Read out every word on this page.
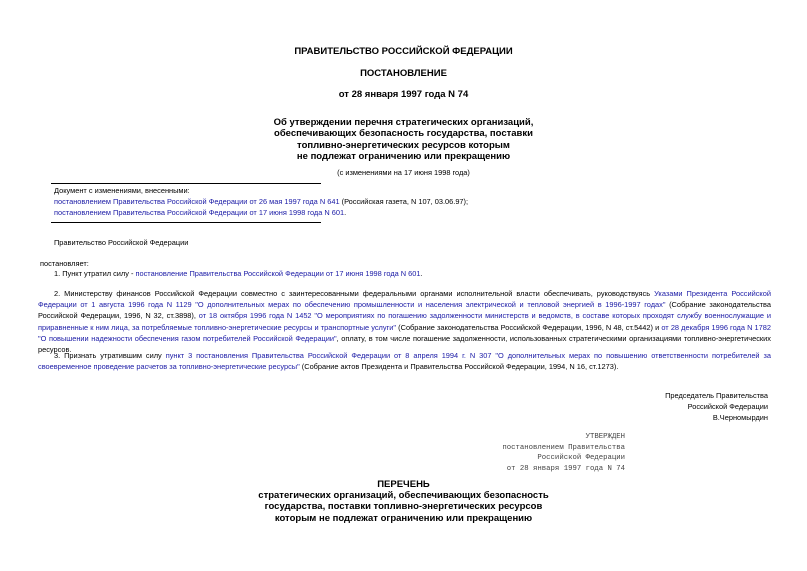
ПРАВИТЕЛЬСТВО РОССИЙСКОЙ ФЕДЕРАЦИИ
ПОСТАНОВЛЕНИЕ
от 28 января 1997 года N 74
Об утверждении перечня стратегических организаций,
обеспечивающих безопасность государства, поставки
топливно-энергетических ресурсов которым
не подлежат ограничению или прекращению
(с изменениями на 17 июня 1998 года)
Документ с изменениями, внесенными:
постановлением Правительства Российской Федерации от 26 мая 1997 года N 641 (Российская газета, N 107, 03.06.97);
постановлением Правительства Российской Федерации от 17 июня 1998 года N 601.
Правительство Российской Федерации
постановляет:
1. Пункт утратил силу - постановление Правительства Российской Федерации от 17 июня 1998 года N 601.
2. Министерству финансов Российской Федерации совместно с заинтересованными федеральными органами исполнительной власти обеспечивать, руководствуясь Указами Президента Российской Федерации от 1 августа 1996 года N 1129 "О дополнительных мерах по обеспечению промышленности и населения электрической и тепловой энергией в 1996-1997 годах" (Собрание законодательства Российской Федерации, 1996, N 32, ст.3898), от 18 октября 1996 года N 1452 "О мероприятиях по погашению задолженности министерств и ведомств, в составе которых проходят службу военнослужащие и приравненные к ним лица, за потребляемые топливно-энергетические ресурсы и транспортные услуги" (Собрание законодательства Российской Федерации, 1996, N 48, ст.5442) и от 28 декабря 1996 года N 1782 "О повышении надежности обеспечения газом потребителей Российской Федерации", оплату, в том числе погашение задолженности, использованных стратегическими организациями топливно-энергетических ресурсов.
3. Признать утратившим силу пункт 3 постановления Правительства Российской Федерации от 8 апреля 1994 г. N 307 "О дополнительных мерах по повышению ответственности потребителей за своевременное проведение расчетов за топливно-энергетические ресурсы" (Собрание актов Президента и Правительства Российской Федерации, 1994, N 16, ст.1273).
Председатель Правительства
Российской Федерации
В.Черномырдин
УТВЕРЖДЕН
постановлением Правительства
Российской Федерации
от 28 января 1997 года N 74
ПЕРЕЧЕНЬ
стратегических организаций, обеспечивающих безопасность
государства, поставки топливно-энергетических ресурсов
которым не подлежат ограничению или прекращению
